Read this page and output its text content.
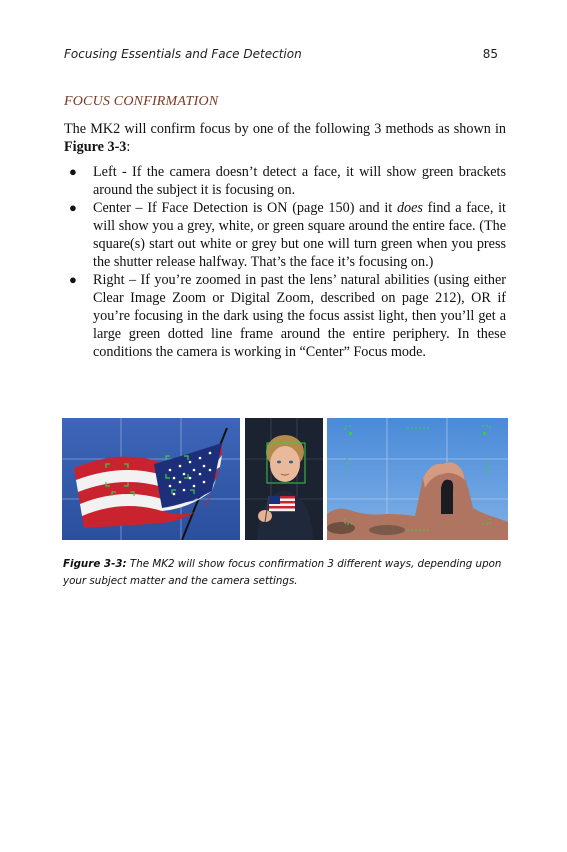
Focusing Essentials and Face Detection	85
FOCUS CONFIRMATION
The MK2 will confirm focus by one of the following 3 methods as shown in Figure 3-3:
● Left - If the camera doesn’t detect a face, it will show green brackets around the subject it is focusing on.
● Center – If Face Detection is ON (page 150) and it does find a face, it will show you a grey, white, or green square around the entire face. (The square(s) start out white or grey but one will turn green when you press the shutter release halfway. That’s the face it’s focusing on.)
● Right – If you’re zoomed in past the lens’ natural abilities (using either Clear Image Zoom or Digital Zoom, described on page 212), OR if you’re focusing in the dark using the focus assist light, then you’ll get a large green dotted line frame around the entire periphery. In these conditions the camera is working in “Center” Focus mode.
Figure 3-3: The MK2 will show focus confirmation 3 different ways, depending upon your subject matter and the camera settings.
